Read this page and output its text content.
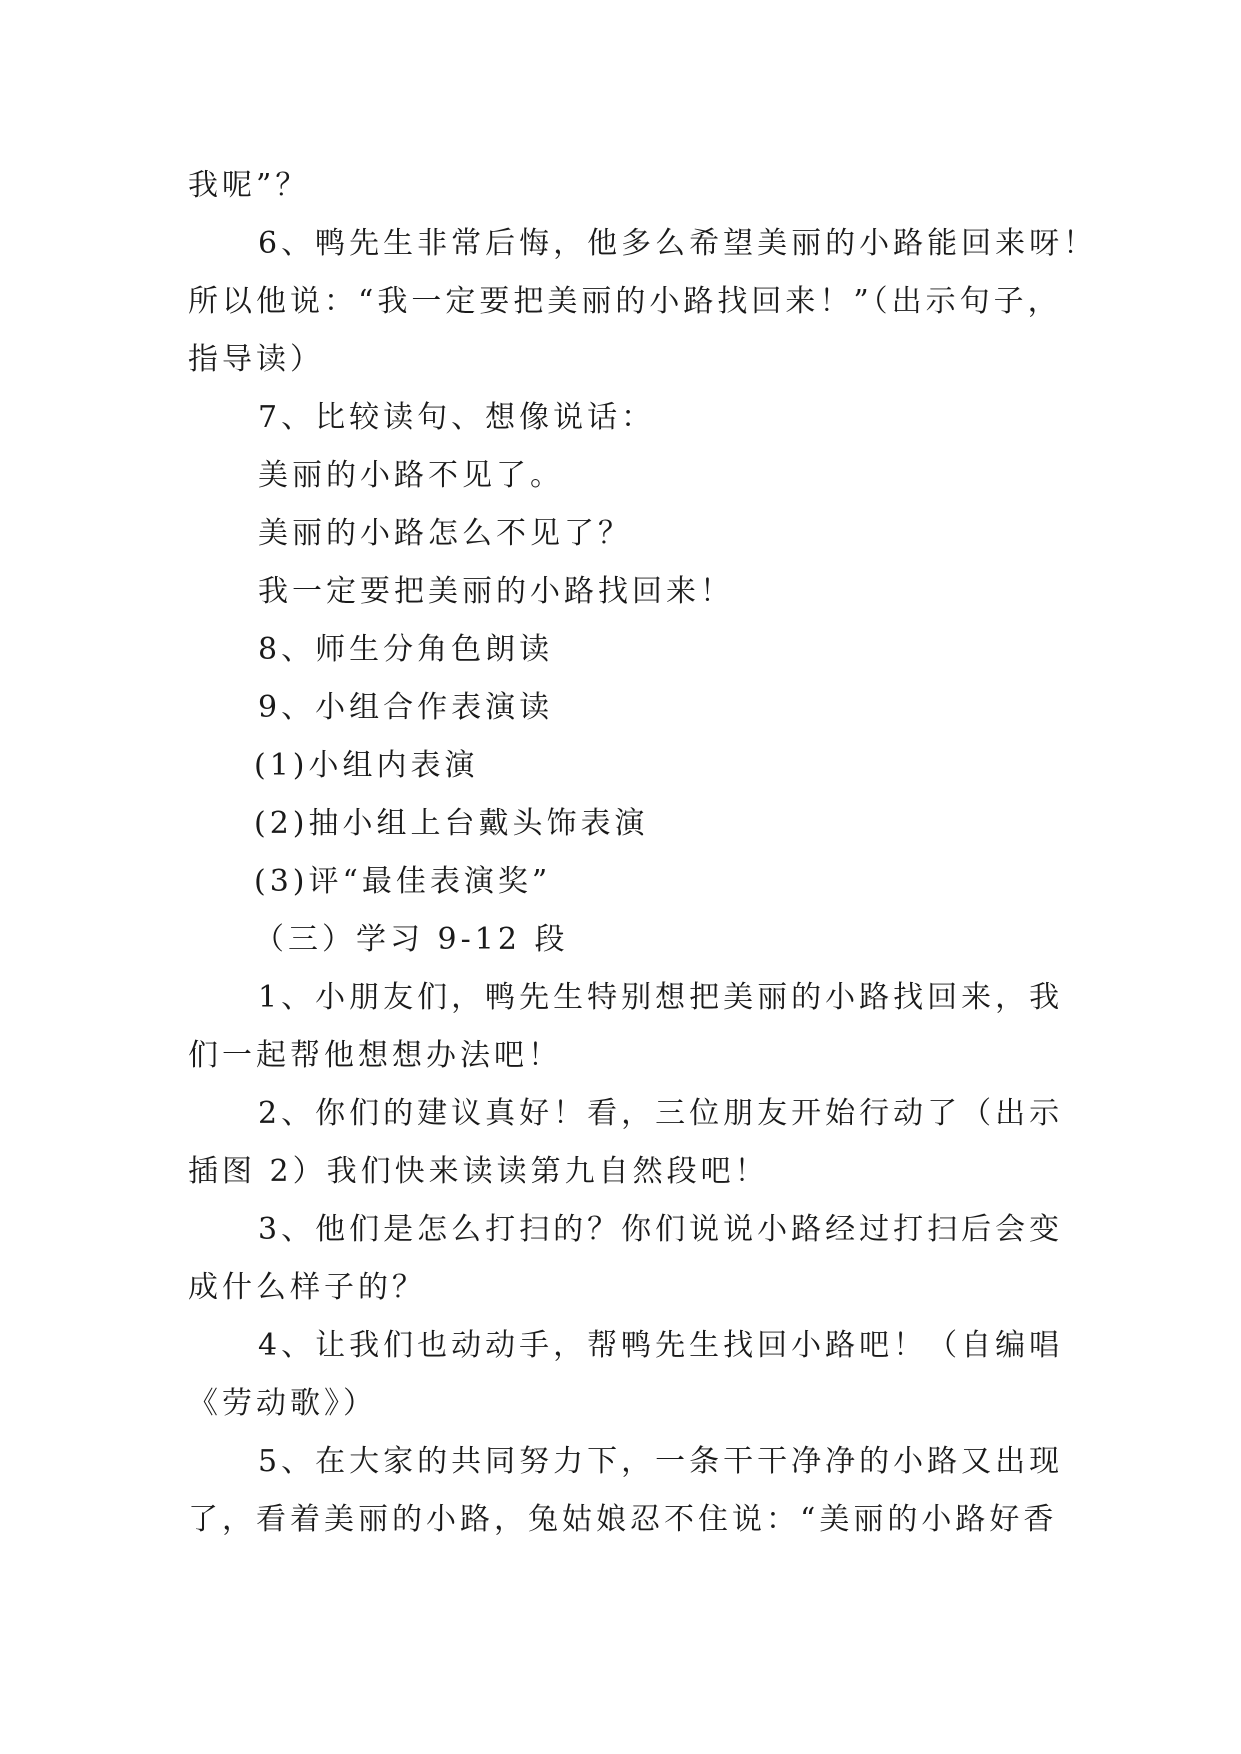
我呢”？
6、鸭先生非常后悔，他多么希望美丽的小路能回来呀！
所以他说：“我一定要把美丽的小路找回来！”（出示句子，
指导读）
7、比较读句、想像说话：
美丽的小路不见了。
美丽的小路怎么不见了？
我一定要把美丽的小路找回来！
8、师生分角色朗读
9、小组合作表演读
(1)小组内表演
(2)抽小组上台戴头饰表演
(3)评“最佳表演奖”
（三）学习 9-12 段
1、小朋友们，鸭先生特别想把美丽的小路找回来，我
们一起帮他想想办法吧！
2、你们的建议真好！看，三位朋友开始行动了（出示
插图 2）我们快来读读第九自然段吧！
3、他们是怎么打扫的？你们说说小路经过打扫后会变
成什么样子的？
4、让我们也动动手，帮鸭先生找回小路吧！（自编唱
《劳动歌》）
5、在大家的共同努力下，一条干干净净的小路又出现
了，看着美丽的小路，兔姑娘忍不住说：“美丽的小路好香
